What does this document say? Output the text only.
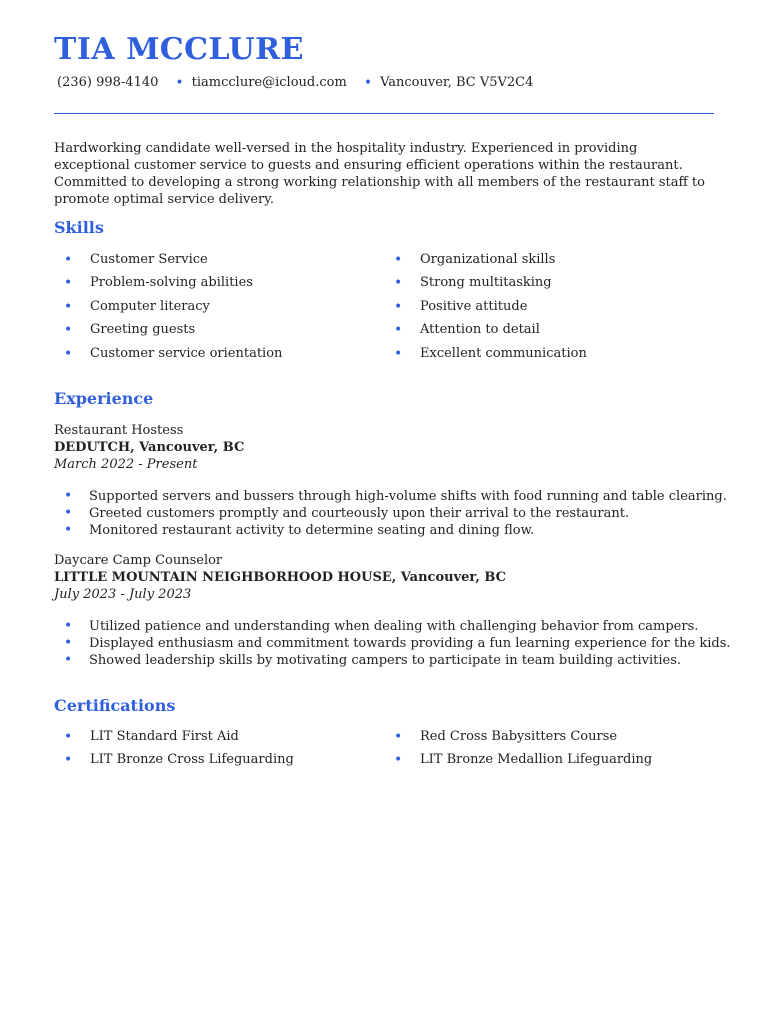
TIA MCCLURE
(236) 998-4140 • tiamcclure@icloud.com • Vancouver, BC V5V2C4

Hardworking candidate well-versed in the hospitality industry. Experienced in providing exceptional customer service to guests and ensuring efficient operations within the restaurant. Committed to developing a strong working relationship with all members of the restaurant staff to promote optimal service delivery.

Skills
• Customer Service
• Problem-solving abilities
• Computer literacy
• Greeting guests
• Customer service orientation
• Organizational skills
• Strong multitasking
• Positive attitude
• Attention to detail
• Excellent communication
Experience
Restaurant Hostess
DEDUTCH, Vancouver, BC
March 2022 - Present
• Supported servers and bussers through high-volume shifts with food running and table clearing.
• Greeted customers promptly and courteously upon their arrival to the restaurant.
• Monitored restaurant activity to determine seating and dining flow.
Daycare Camp Counselor
LITTLE MOUNTAIN NEIGHBORHOOD HOUSE, Vancouver, BC
July 2023 - July 2023
• Utilized patience and understanding when dealing with challenging behavior from campers.
• Displayed enthusiasm and commitment towards providing a fun learning experience for the kids.
• Showed leadership skills by motivating campers to participate in team building activities.
Certifications
• LIT Standard First Aid
• LIT Bronze Cross Lifeguarding
• Red Cross Babysitters Course
• LIT Bronze Medallion Lifeguarding
